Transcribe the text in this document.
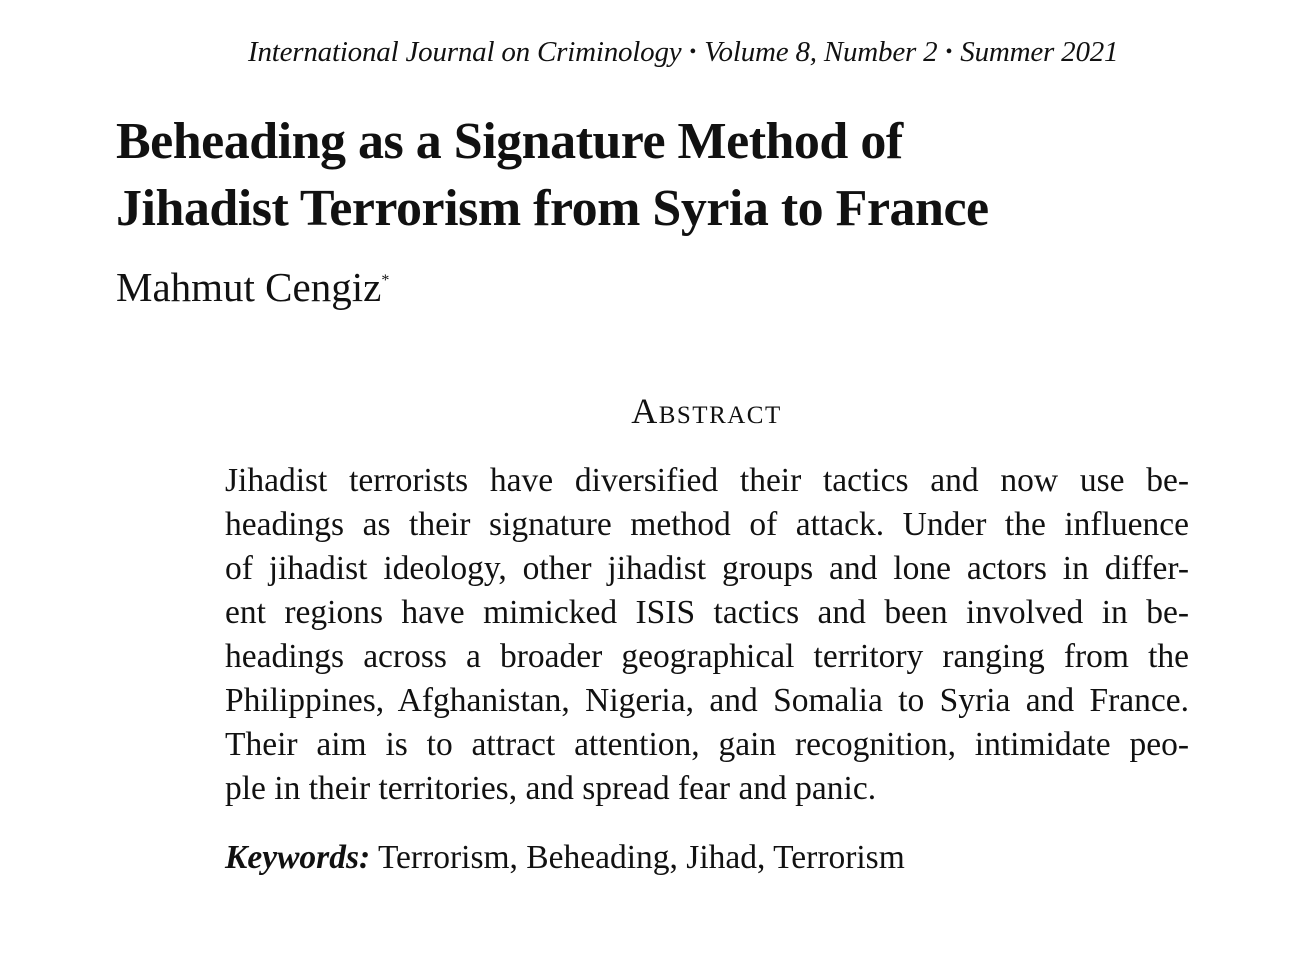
International Journal on Criminology • Volume 8, Number 2 • Summer 2021
Beheading as a Signature Method of
Jihadist Terrorism from Syria to France
Mahmut Cengiz*
Abstract
Jihadist terrorists have diversified their tactics and now use be-
headings as their signature method of attack. Under the influence
of jihadist ideology, other jihadist groups and lone actors in differ-
ent regions have mimicked ISIS tactics and been involved in be-
headings across a broader geographical territory ranging from the
Philippines, Afghanistan, Nigeria, and Somalia to Syria and France.
Their aim is to attract attention, gain recognition, intimidate peo-
ple in their territories, and spread fear and panic.
Keywords: Terrorism, Beheading, Jihad, Terrorism
